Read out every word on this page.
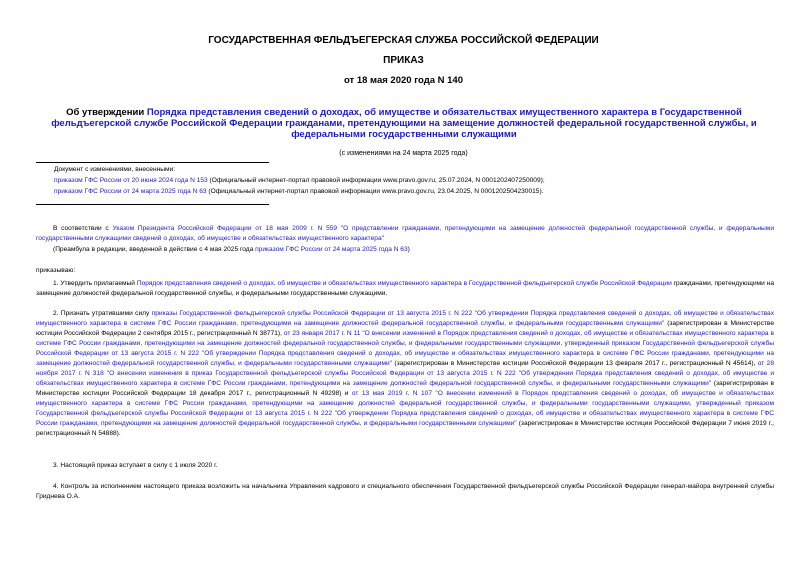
ГОСУДАРСТВЕННАЯ ФЕЛЬДЪЕГЕРСКАЯ СЛУЖБА РОССИЙСКОЙ ФЕДЕРАЦИИ
ПРИКАЗ
от 18 мая 2020 года N 140
Об утверждении Порядка представления сведений о доходах, об имуществе и обязательствах имущественного характера в Государственной фельдъегерской службе Российской Федерации гражданами, претендующими на замещение должностей федеральной государственной службы, и федеральными государственными служащими
(с изменениями на 24 марта 2025 года)
Документ с изменениями, внесенными:
приказом ГФС России от 20 июня 2024 года N 153 (Официальный интернет-портал правовой информации www.pravo.gov.ru, 25.07.2024, N 0001202407250009);
приказом ГФС России от 24 марта 2025 года N 63 (Официальный интернет-портал правовой информации www.pravo.gov.ru, 23.04.2025, N 0001202504230015).
В соответствии с Указом Президента Российской Федерации от 18 мая 2009 г. N 559 "О представлении гражданами, претендующими на замещение должностей федеральной государственной службы, и федеральными государственными служащими сведений о доходах, об имуществе и обязательствах имущественного характера"
(Преамбула в редакции, введенной в действие с 4 мая 2025 года приказом ГФС России от 24 марта 2025 года N 63)
приказываю:
1. Утвердить прилагаемый Порядок представления сведений о доходах, об имуществе и обязательствах имущественного характера в Государственной фельдъегерской службе Российской Федерации гражданами, претендующими на замещение должностей федеральной государственной службы, и федеральными государственными служащими.
2. Признать утратившими силу приказы Государственной фельдъегерской службы Российской Федерации от 13 августа 2015 г. N 222 "Об утверждении Порядка представления сведений о доходах, об имуществе и обязательствах имущественного характера в системе ГФС России гражданами, претендующими на замещение должностей федеральной государственной службы, и федеральными государственными служащими" (зарегистрирован в Министерстве юстиции Российской Федерации 2 сентября 2015 г., регистрационный N 38771), от 23 января 2017 г. N 11 "О внесении изменений в Порядок представления сведений о доходах, об имуществе и обязательствах имущественного характера в системе ГФС России гражданами, претендующими на замещение должностей федеральной государственной службы, и федеральными государственными служащими, утвержденный приказом Государственной фельдъегерской службы Российской Федерации от 13 августа 2015 г. N 222 "Об утверждении Порядка представления сведений о доходах, об имуществе и обязательствах имущественного характера в системе ГФС России гражданами, претендующими на замещение должностей федеральной государственной службы, и федеральными государственными служащими" (зарегистрирован в Министерстве юстиции Российской Федерации 13 февраля 2017 г., регистрационный N 45614), от 28 ноября 2017 г. N 318 "О внесении изменения в приказ Государственной фельдъегерской службы Российской Федерации от 13 августа 2015 г. N 222 "Об утверждении Порядка представления сведений о доходах, об имуществе и обязательствах имущественного характера в системе ГФС России гражданами, претендующими на замещение должностей федеральной государственной службы, и федеральными государственными служащими" (зарегистрирован в Министерстве юстиции Российской Федерации 18 декабря 2017 г., регистрационный N 49298) и от 13 мая 2019 г. N 107 "О внесении изменений в Порядок представления сведений о доходах, об имуществе и обязательствах имущественного характера в системе ГФС России гражданами, претендующими на замещение должностей федеральной государственной службы, и федеральными государственными служащими, утвержденный приказом Государственной фельдъегерской службы Российской Федерации от 13 августа 2015 г. N 222 "Об утверждении Порядка представления сведений о доходах, об имуществе и обязательствах имущественного характера в системе ГФС России гражданами, претендующими на замещение должностей федеральной государственной службы, и федеральными государственными служащими" (зарегистрирован в Министерстве юстиции Российской Федерации 7 июня 2019 г., регистрационный N 54888).
3. Настоящий приказ вступает в силу с 1 июля 2020 г.
4. Контроль за исполнением настоящего приказа возложить на начальника Управления кадрового и специального обеспечения Государственной фельдъегерской службы Российской Федерации генерал-майора внутренней службы Гриднева О.А.
